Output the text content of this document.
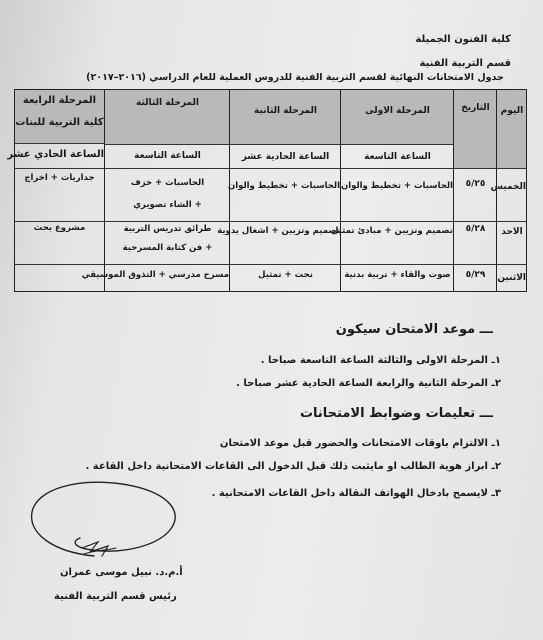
كلية الفنون الجميلة
قسم التربية الفنية
جدول الامتحانات النهائية لقسم التربية الفنية للدروس العملية للعام الدراسي (٢٠١٦–٢٠١٧)
اليوم
التاريخ
المرحلة الاولى
الساعة التاسعة
المرحلة الثانية
الساعة الحادية عشر
المرحلة الثالثة
الساعة التاسعة
المرحلة الرابعة
كلية التربية للبنات
الساعة الحادي عشر
الخميس
٥/٢٥
الحاسبات + تخطيط والوان
الحاسبات + تخطيط والوان
الحاسبات + خزف
+ الشاء تصويري
جداريات + اخراج
الاحد
٥/٢٨
تصميم وتزيين + مبادئ تمثيل
تصميم وتزيين + اشغال يدوية
طرائق تدريس التربية
+ فن كتابة المسرحية
مشروع بحث
الاثنين
٥/٢٩
صوت والقاء + تربية بدنية
نحت + تمثيل
مسرح مدرسي + التذوق الموسيقي
ـــ موعد الامتحان سيكون
١ـ المرحلة الاولى والثالثة الساعة التاسعة صباحا .
٢ـ المرحلة الثانية والرابعة الساعة الحادية عشر صباحا .
ـــ تعليمات وضوابط الامتحانات
١ـ الالتزام باوقات الامتحانات والحضور قبل موعد الامتحان
٢ـ ابراز هوية الطالب او مايثبت ذلك قبل الدخول الى القاعات الامتحانية داخل القاعة .
٣ـ لايسمح بادخال الهواتف النقالة داخل القاعات الامتحانية .
أ.م.د. نبيل موسى عمران
رئيس قسم التربية الفنية
